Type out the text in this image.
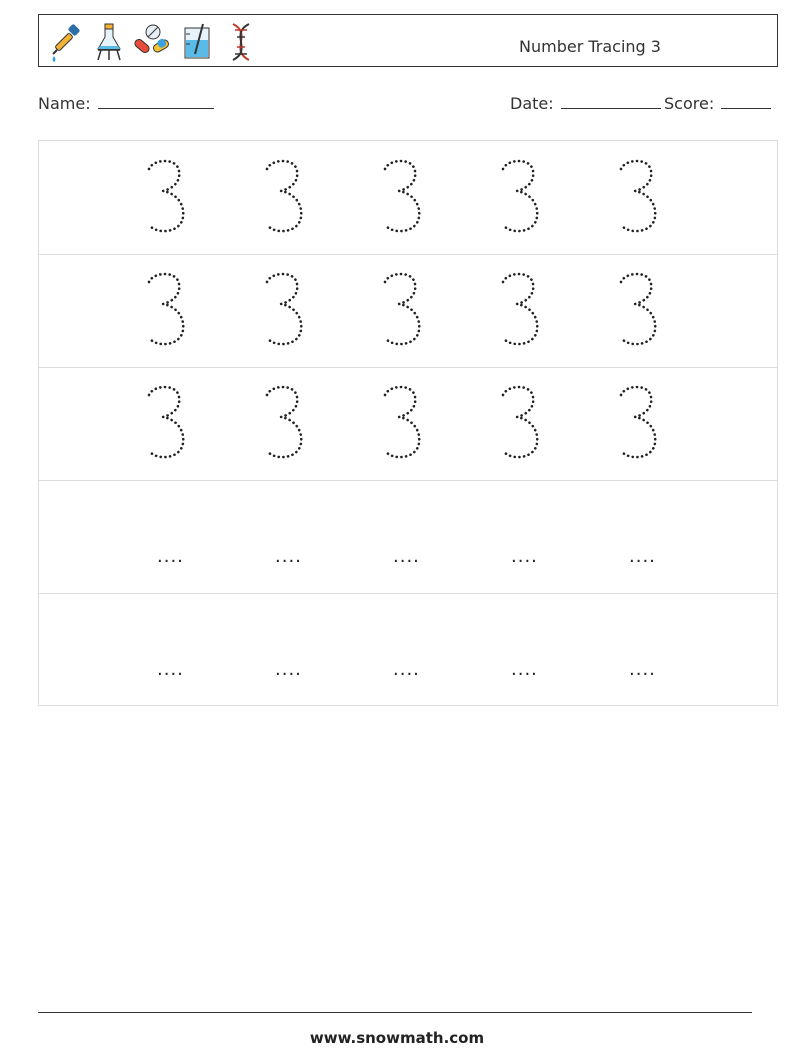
Number Tracing 3
Name:	Date:	Score:
....	....	....	....	....
....	....	....	....	....
www.snowmath.com
